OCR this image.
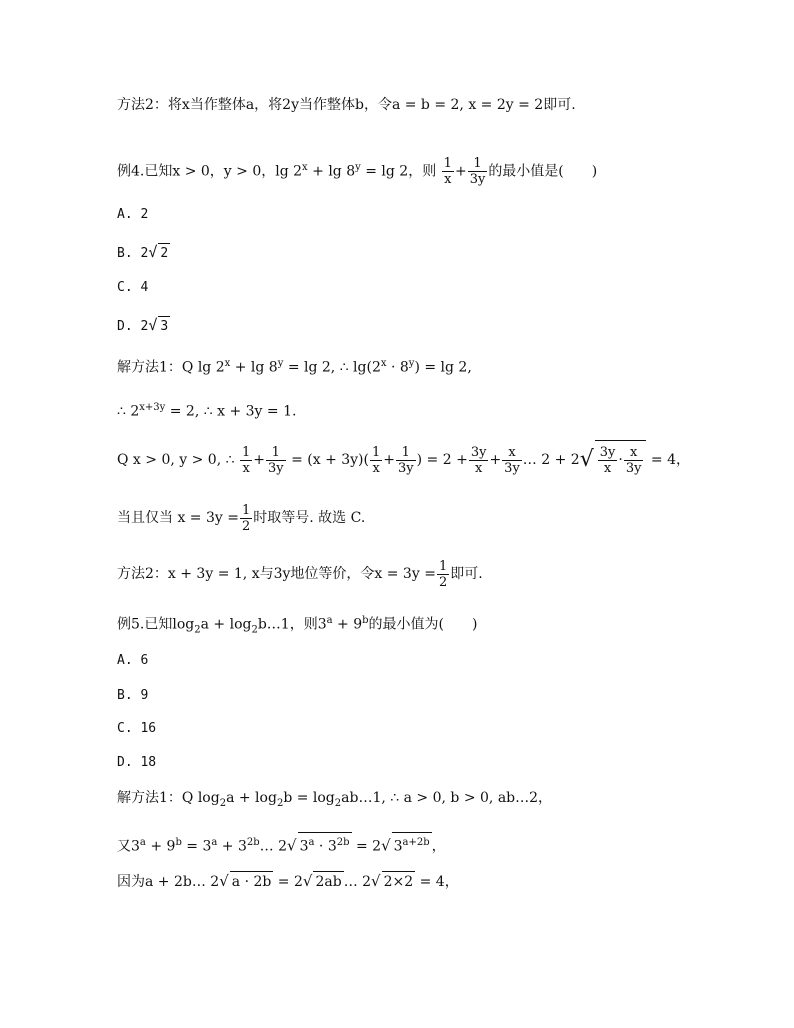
方法2：将x当作整体a，将2y当作整体b，令a = b = 2, x = 2y = 2即可.
例4.已知x > 0，y > 0，$\lg 2^x + \lg 8^y = \lg 2$，则 $\frac{1}{x} + \frac{1}{3y}$ 的最小值是(　　)
A. 2
B. 2√ 2
C. 4
D. 2√ 3
解方法1：Q $\lg 2^x + \lg 8^y = \lg 2$, ∴ $\lg(2^x \cdot 8^y) = \lg 2$,
∴ $2^{x+3y} = 2$, ∴ x + 3y = 1.
Q x > 0, y > 0, ∴ $\frac{1}{x} + \frac{1}{3y} = (x + 3y)( \frac{1}{x} + \frac{1}{3y}$ ) = $2 + \frac{3y}{x} + \frac{x}{3y}$ … $2 + 2√ \frac{3y}{x} \cdot \frac{x}{3y} = 4$，
当且仅当 $x = 3y = \frac{1}{2}$ 时取等号. 故选 C.
方法2：x + 3y = 1, x与3y地位等价，令$x = 3y = \frac{1}{2}$ 即可.
例5.已知$\log_2a$ + $\log_2b\dots 1$，则$3^a + 9^b$的最小值为(　　)
A. 6
B. 9
C. 16
D. 18
解方法1：Q $\log_2a + \log_2b$ = $\log_2ab\dots 1$, ∴ a > 0, b > 0, ab…2，
又$3^a + 9^b = 3^a$ + $3^{2b}\dots$ 2√ $3^a \cdot 3^{2b} = 2√$ $3^{a+2b}$ ，
因为a + 2b… 2√ a · 2b = 2√ 2ab … 2√ 2×2 = 4，
